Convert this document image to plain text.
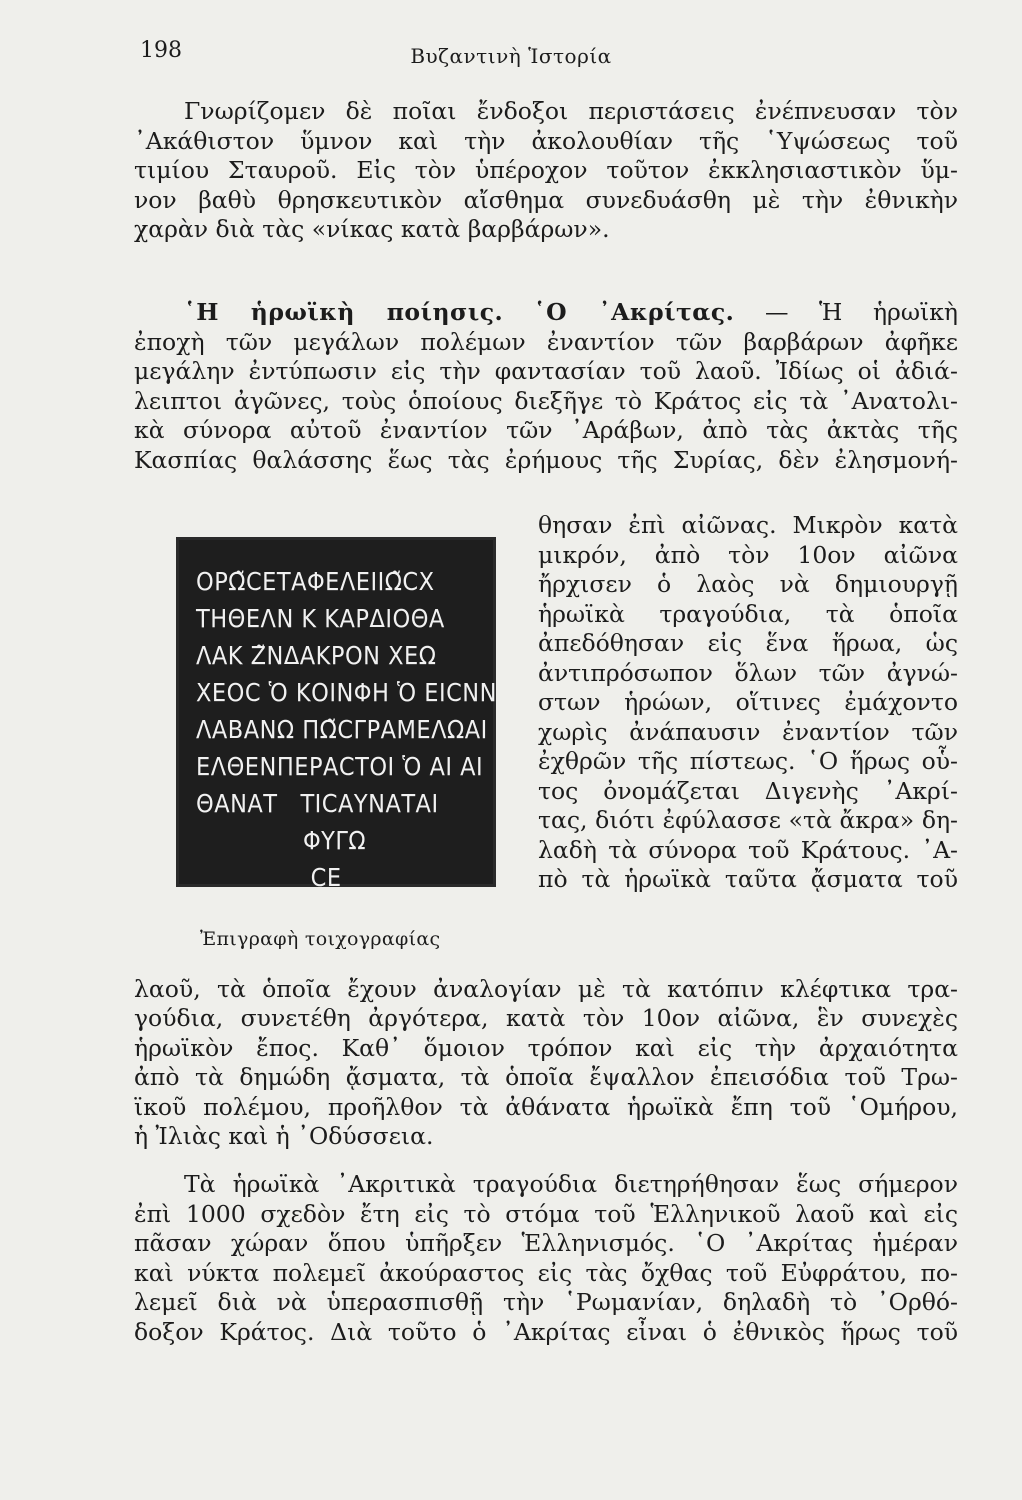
198	Βυζαντινὴ Ἱστορία
Γνωρίζομεν δὲ ποῖαι ἔνδοξοι περιστάσεις ἐνέπνευσαν τὸν
᾽Ακάθιστον ὕμνον καὶ τὴν ἀκολουθίαν τῆς ῾Υψώσεως τοῦ
τιμίου Σταυροῦ. Εἰς τὸν ὑπέροχον τοῦτον ἐκκλησιαστικὸν ὕμ-
νον βαθὺ θρησκευτικὸν αἴσθημα συνεδυάσθη μὲ τὴν ἐθνικὴν
χαρὰν διὰ τὰς «νίκας κατὰ βαρβάρων».
῾Η ἡρωϊκὴ ποίησις. ῾Ο ᾽Ακρίτας. — Ἡ ἡρωϊκὴ
ἐποχὴ τῶν μεγάλων πολέμων ἐναντίον τῶν βαρβάρων ἀφῆκε
μεγάλην ἐντύπωσιν εἰς τὴν φαντασίαν τοῦ λαοῦ. Ἰδίως οἱ ἀδιά-
λειπτοι ἀγῶνες, τοὺς ὁποίους διεξῆγε τὸ Κράτος εἰς τὰ ᾽Ανατολι-
κὰ σύνορα αὐτοῦ ἐναντίον τῶν ᾽Αράβων, ἀπὸ τὰς ἀκτὰς τῆς
Κασπίας θαλάσσης ἕως τὰς ἐρήμους τῆς Συρίας, δὲν ἐλησμονή-
θησαν ἐπὶ αἰῶνας. Μικρὸν κατὰ
μικρόν, ἀπὸ τὸν 10ον αἰῶνα
ἤρχισεν ὁ λαὸς νὰ δημιουργῇ
ἡρωϊκὰ τραγούδια, τὰ ὁποῖα
ἀπεδόθησαν εἰς ἕνα ἥρωα, ὡς
ἀντιπρόσωπον ὅλων τῶν ἀγνώ-
στων ἡρώων, οἵτινες ἐμάχοντο
χωρὶς ἀνάπαυσιν ἐναντίον τῶν
ἐχθρῶν τῆς πίστεως. ῾Ο ἥρως οὗ-
τος ὀνομάζεται Διγενὴς ᾽Ακρί-
τας, διότι ἐφύλασσε «τὰ ἄκρα» δη-
λαδὴ τὰ σύνορα τοῦ Κράτους. ᾽Α-
πὸ τὰ ἡρωϊκὰ ταῦτα ᾄσματα τοῦ
ΟΡΩ̃CΕΤΑΦΕΛΕΙΙΩ̃CX
ΤΗΘΕΛΝ Κ ΚΑΡΔΙΟΘΑ
ΛΑΚ Ζ̃ΝΔΑΚΡΟΝ ΧΕΩ
ΧΕΟC Ὁ ΚΟΙΝΦΗ Ὁ ΕΙCΝΝ
ΛΑΒΑΝΩ ΠΩ̃CΓΡΑΜΕΛΩΑΙ
ΕΛΘΕΝΠΕΡΑCΤΟΙ Ὁ ΑΙ ΑΙ
ΘΑΝΑΤ   ΤΙCΑΥΝΑΤΑΙ
ΦΥΓΩ
CE
Ἐπιγραφὴ τοιχογραφίας
λαοῦ, τὰ ὁποῖα ἔχουν ἀναλογίαν μὲ τὰ κατόπιν κλέφτικα τρα-
γούδια, συνετέθη ἀργότερα, κατὰ τὸν 10ον αἰῶνα, ἓν συνεχὲς
ἡρωϊκὸν ἔπος. Καθ᾽ ὅμοιον τρόπον καὶ εἰς τὴν ἀρχαιότητα
ἀπὸ τὰ δημώδη ᾄσματα, τὰ ὁποῖα ἔψαλλον ἐπεισόδια τοῦ Τρω-
ϊκοῦ πολέμου, προῆλθον τὰ ἀθάνατα ἡρωϊκὰ ἔπη τοῦ ῾Ομήρου,
ἡ Ἰλιὰς καὶ ἡ ᾽Οδύσσεια.
Τὰ ἡρωϊκὰ ᾽Ακριτικὰ τραγούδια διετηρήθησαν ἕως σήμερον
ἐπὶ 1000 σχεδὸν ἔτη εἰς τὸ στόμα τοῦ Ἑλληνικοῦ λαοῦ καὶ εἰς
πᾶσαν χώραν ὅπου ὑπῆρξεν Ἑλληνισμός. ῾Ο ᾽Ακρίτας ἡμέραν
καὶ νύκτα πολεμεῖ ἀκούραστος εἰς τὰς ὄχθας τοῦ Εὐφράτου, πο-
λεμεῖ διὰ νὰ ὑπερασπισθῇ τὴν ῾Ρωμανίαν, δηλαδὴ τὸ ᾽Ορθό-
δοξον Κράτος. Διὰ τοῦτο ὁ ᾽Ακρίτας εἶναι ὁ ἐθνικὸς ἥρως τοῦ
